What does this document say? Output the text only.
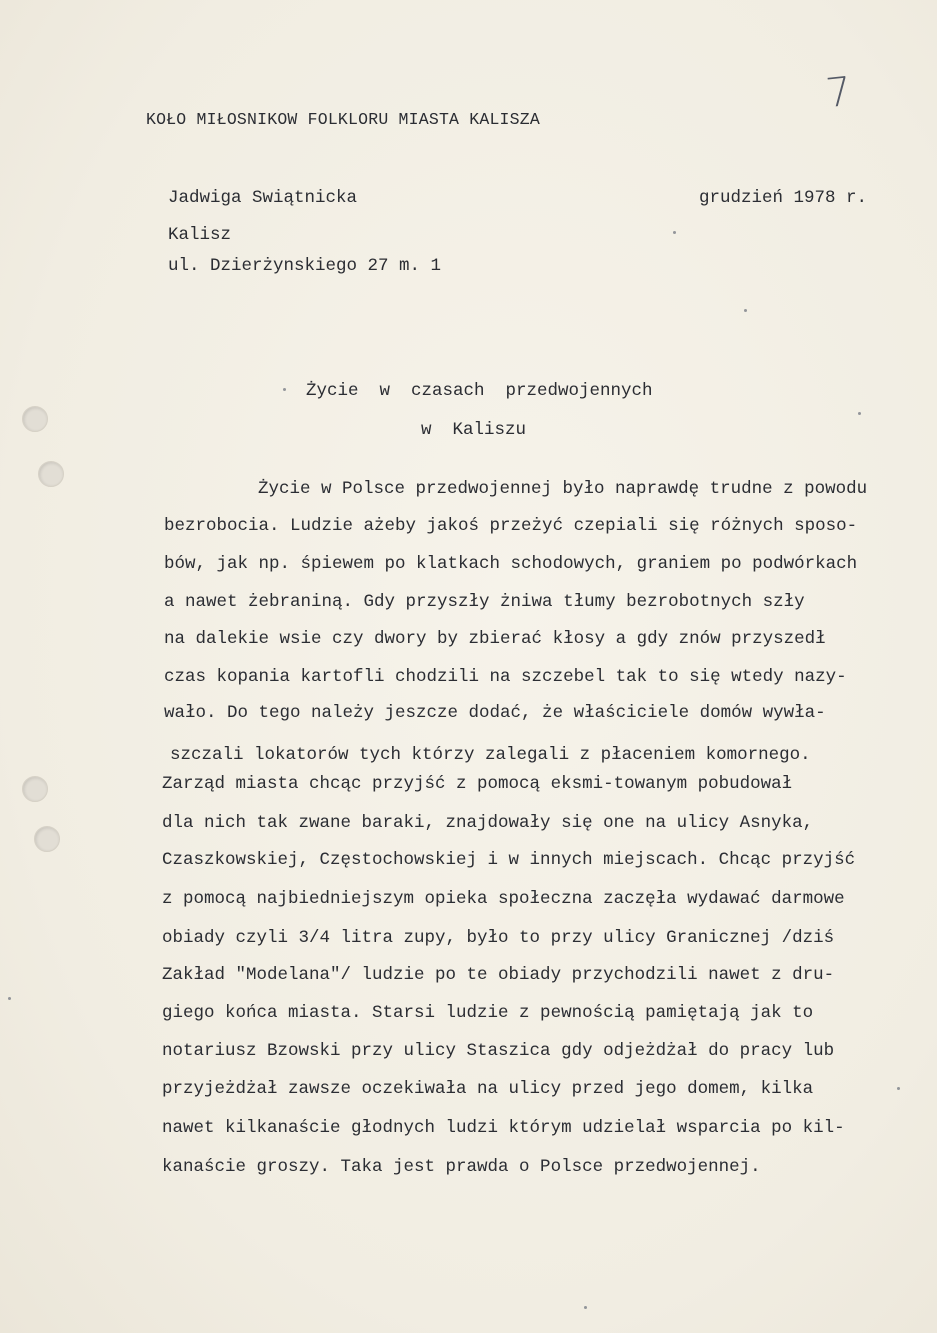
KOŁO MIŁOSNIKOW FOLKLORU MIASTA KALISZA
7
Jadwiga Swiątnicka
Kalisz
ul. Dzierżynskiego 27 m. 1
grudzień 1978 r.
Życie  w  czasach  przedwojennych
w  Kaliszu
Życie w Polsce przedwojennej było naprawdę trudne z powodu
bezrobocia. Ludzie ażeby jakoś przeżyć czepiali się różnych sposo-
bów, jak np. śpiewem po klatkach schodowych, graniem po podwórkach
a nawet żebraniną. Gdy przyszły żniwa tłumy bezrobotnych szły
na dalekie wsie czy dwory by zbierać kłosy a gdy znów przyszedł
czas kopania kartofli chodzili na szczebel tak to się wtedy nazy-
wało. Do tego należy jeszcze dodać, że właściciele domów wywła-
szczali lokatorów tych którzy zalegali z płaceniem komornego.
Zarząd miasta chcąc przyjść z pomocą eksmi-towanym pobudował
dla nich tak zwane baraki, znajdowały się one na ulicy Asnyka,
Czaszkowskiej, Częstochowskiej i w innych miejscach. Chcąc przyjść
z pomocą najbiedniejszym opieka społeczna zaczęła wydawać darmowe
obiady czyli 3/4 litra zupy, było to przy ulicy Granicznej /dziś
Zakład "Modelana"/ ludzie po te obiady przychodzili nawet z dru-
giego końca miasta. Starsi ludzie z pewnością pamiętają jak to
notariusz Bzowski przy ulicy Staszica gdy odjeżdżał do pracy lub
przyjeżdżał zawsze oczekiwała na ulicy przed jego domem, kilka
nawet kilkanaście głodnych ludzi którym udzielał wsparcia po kil-
kanaście groszy. Taka jest prawda o Polsce przedwojennej.
